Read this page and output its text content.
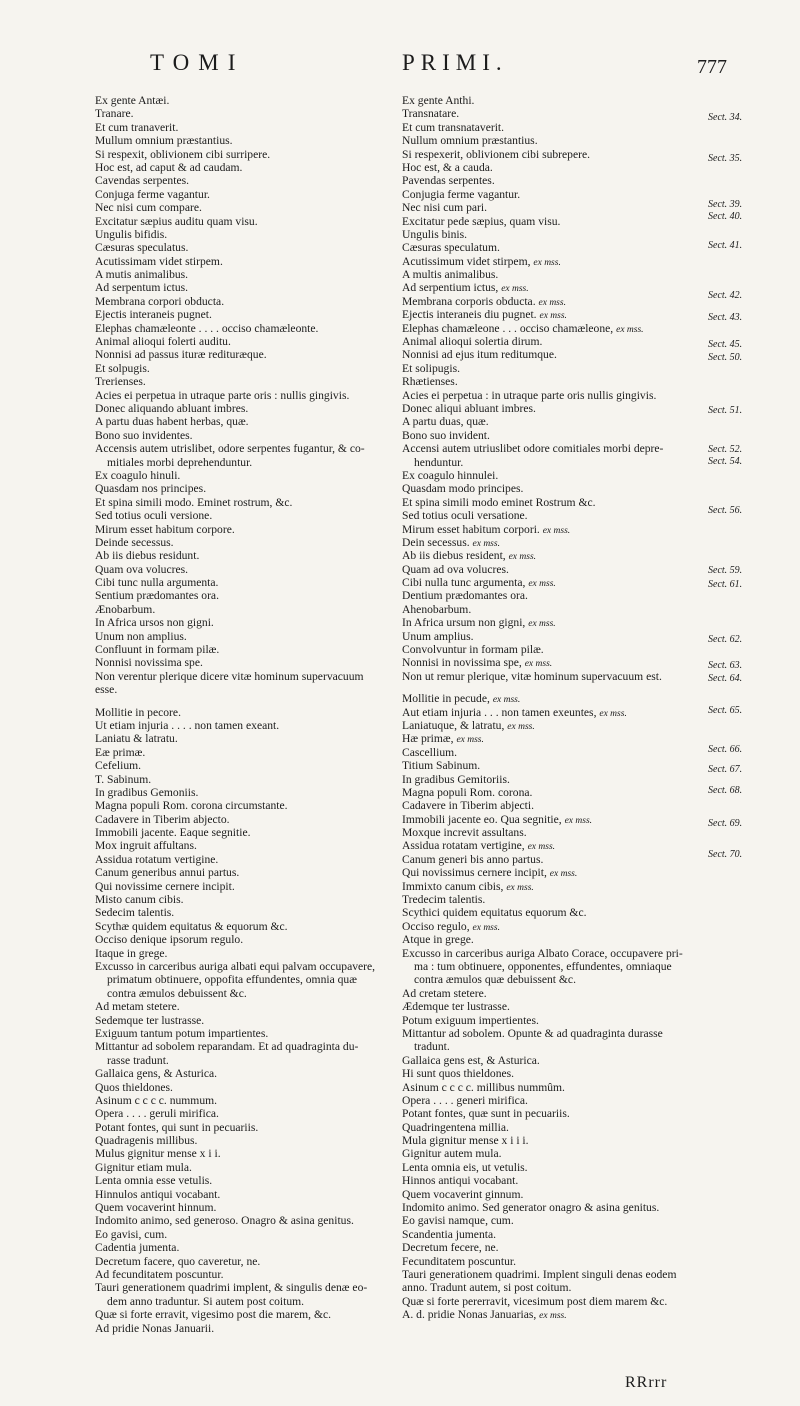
TOMI	PRIMI.	777
Ex gente Antæi.
Tranare.
Et cum tranaverit.
Mullum omnium præstantius.
Si respexit, oblivionem cibi surripere.
Hoc est, ad caput & ad caudam.
Cavendas serpentes.
Conjuga ferme vagantur.
Nec nisi cum compare.
Excitatur sæpius auditu quam visu.
Ungulis bifidis.
Cæsuras speculatus.
Acutissimam videt stirpem.
A mutis animalibus.
Ad serpentum ictus.
Membrana corpori obducta.
Ejectis interaneis pugnet.
Elephas chamæleonte . . . . occiso chamæleonte.
Animal alioqui folerti auditu.
Nonnisi ad passus ituræ redituræque.
Et solpugis.
Trerienses.
Acies ei perpetua in utraque parte oris : nullis gingivis.
Donec aliquando abluant imbres.
A partu duas habent herbas, quæ.
Bono suo invidentes.
Accensis autem utrislibet, odore serpentes fugantur, & co-
mitiales morbi deprehenduntur.
Ex coagulo hinuli.
Quasdam nos principes.
Et spina simili modo. Eminet rostrum, &c.
Sed totius oculi versione.
Mirum esset habitum corpore.
Deinde secessus.
Ab iis diebus residunt.
Quam ova volucres.
Cibi tunc nulla argumenta.
Sentium prædomantes ora.
Ænobarbum.
In Africa ursos non gigni.
Unum non amplius.
Confluunt in formam pilæ.
Nonnisi novissima spe.
Non verentur plerique dicere vitæ hominum supervacuum
esse.
Mollitie in pecore.
Ut etiam injuria . . . . non tamen exeant.
Laniatu & latratu.
Eæ primæ.
Cefelium.
T. Sabinum.
In gradibus Gemoniis.
Magna populi Rom. corona circumstante.
Cadavere in Tiberim abjecto.
Immobili jacente. Eaque segnitie.
Mox ingruit affultans.
Assidua rotatum vertigine.
Canum generibus annui partus.
Qui novissime cernere incipit.
Misto canum cibis.
Sedecim talentis.
Scythæ quidem equitatus & equorum &c.
Occiso denique ipsorum regulo.
Itaque in grege.
Excusso in carceribus auriga albati equi palvam occupavere,
primatum obtinuere, oppofita effundentes, omnia quæ
contra æmulos debuissent &c.
Ad metam stetere.
Sedemque ter lustrasse.
Exiguum tantum potum impartientes.
Mittantur ad sobolem reparandam. Et ad quadraginta du-
rasse tradunt.
Gallaica gens, & Asturica.
Quos thieldones.
Asinum c c c c. nummum.
Opera . . . . geruli mirifica.
Potant fontes, qui sunt in pecuariis.
Quadragenis millibus.
Mulus gignitur mense x i i.
Gignitur etiam mula.
Lenta omnia esse vetulis.
Hinnulos antiqui vocabant.
Quem vocaverint hinnum.
Indomito animo, sed generoso. Onagro & asina genitus.
Eo gavisi, cum.
Cadentia jumenta.
Decretum facere, quo caveretur, ne.
Ad fecunditatem poscuntur.
Tauri generationem quadrimi implent, & singulis denæ eo-
dem anno traduntur. Si autem post coitum.
Quæ si forte erravit, vigesimo post die marem, &c.
Ad pridie Nonas Januarii.
Ex gente Anthi.
Transnatare.
Et cum transnataverit.
Nullum omnium præstantius.
Si respexerit, oblivionem cibi subrepere.
Hoc est, & a cauda.
Pavendas serpentes.
Conjugia ferme vagantur.
Nec nisi cum pari.
Excitatur pede sæpius, quam visu.
Ungulis binis.
Cæsuras speculatum.
Acutissimum videt stirpem, ex mss.
A multis animalibus.
Ad serpentium ictus, ex mss.
Membrana corporis obducta. ex mss.
Ejectis interaneis diu pugnet. ex mss.
Elephas chamæleone . . . occiso chamæleone, ex mss.
Animal alioqui solertia dirum.
Nonnisi ad ejus itum reditumque.
Et solipugis.
Rhætienses.
Acies ei perpetua : in utraque parte oris nullis gingivis.
Donec aliqui abluant imbres.
A partu duas, quæ.
Bono suo invident.
Accensi autem utriuslibet odore comitiales morbi depre-
henduntur.
Ex coagulo hinnulei.
Quasdam modo principes.
Et spina simili modo eminet Rostrum &c.
Sed totius oculi versatione.
Mirum esset habitum corpori. ex mss.
Dein secessus. ex mss.
Ab iis diebus resident, ex mss.
Quam ad ova volucres.
Cibi nulla tunc argumenta, ex mss.
Dentium prædomantes ora.
Ahenobarbum.
In Africa ursum non gigni, ex mss.
Unum amplius.
Convolvuntur in formam pilæ.
Nonnisi in novissima spe, ex mss.
Non ut remur plerique, vitæ hominum supervacuum est.
Mollitie in pecude, ex mss.
Aut etiam injuria . . . non tamen exeuntes, ex mss.
Laniatuque, & latratu, ex mss.
Hæ primæ, ex mss.
Cascellium.
Titium Sabinum.
In gradibus Gemitoriis.
Magna populi Rom. corona.
Cadavere in Tiberim abjecti.
Immobili jacente eo. Qua segnitie, ex mss.
Moxque increvit assultans.
Assidua rotatam vertigine, ex mss.
Canum generi bis anno partus.
Qui novissimus cernere incipit, ex mss.
Immixto canum cibis, ex mss.
Tredecim talentis.
Scythici quidem equitatus equorum &c.
Occiso regulo, ex mss.
Atque in grege.
Excusso in carceribus auriga Albato Corace, occupavere pri-
ma : tum obtinuere, opponentes, effundentes, omniaque
contra æmulos quæ debuissent &c.
Ad cretam stetere.
Ædemque ter lustrasse.
Potum exiguum impertientes.
Mittantur ad sobolem. Opunte & ad quadraginta durasse
tradunt.
Gallaica gens est, & Asturica.
Hi sunt quos thieldones.
Asinum c c c c. millibus nummûm.
Opera . . . . generi mirifica.
Potant fontes, quæ sunt in pecuariis.
Quadringentena millia.
Mula gignitur mense x i i i.
Gignitur autem mula.
Lenta omnia eis, ut vetulis.
Hinnos antiqui vocabant.
Quem vocaverint ginnum.
Indomito animo. Sed generator onagro & asina genitus.
Eo gavisi namque, cum.
Scandentia jumenta.
Decretum fecere, ne.
Fecunditatem poscuntur.
Tauri generationem quadrimi. Implent singuli denas eodem
anno. Tradunt autem, si post coitum.
Quæ si forte pererravit, vicesimum post diem marem &c.
A. d. pridie Nonas Januarias, ex mss.
Sect. 34.
Sect. 35.
Sect. 39.
Sect. 40.
Sect. 41.
Sect. 42.
Sect. 43.
Sect. 45.
Sect. 50.
Sect. 51.
Sect. 52.
Sect. 54.
Sect. 56.
Sect. 59.
Sect. 61.
Sect. 62.
Sect. 63.
Sect. 64.
Sect. 65.
Sect. 66.
Sect. 67.
Sect. 68.
Sect. 69.
Sect. 70.
RRrrr
